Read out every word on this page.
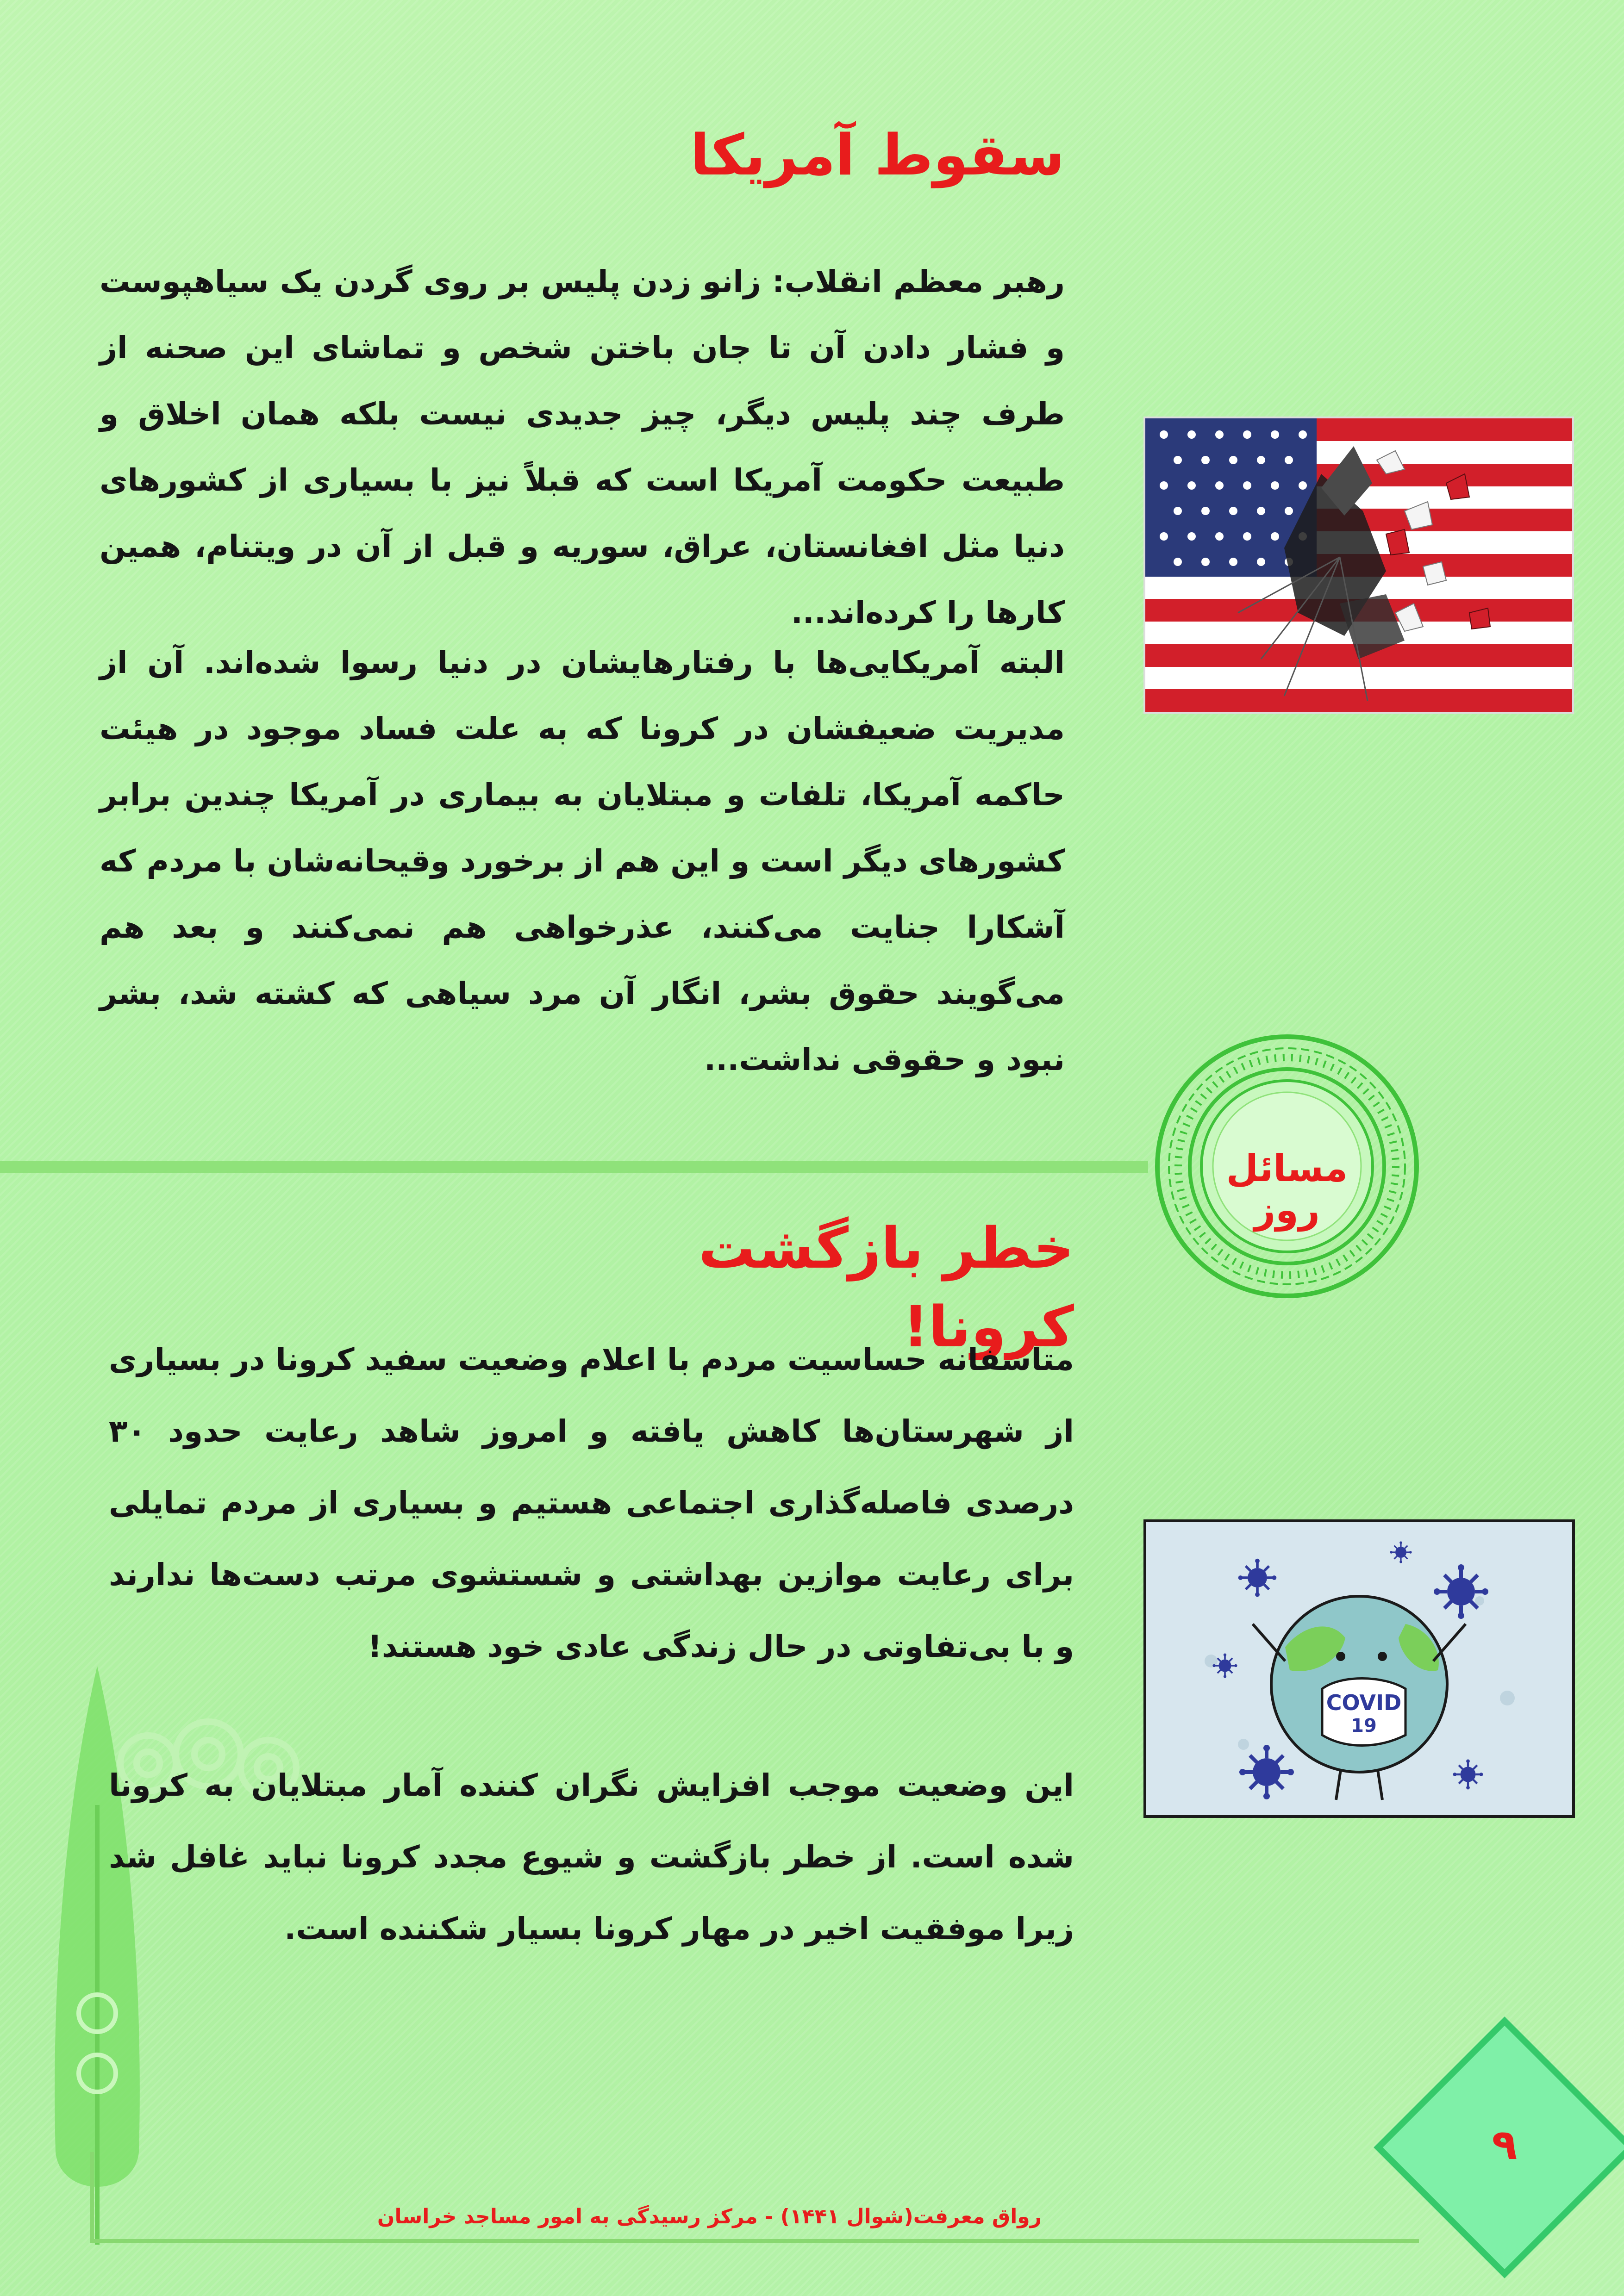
سقوط آمریکا

رهبر معظم انقلاب: زانو زدن پلیس بر روی گردن یک سیاهپوست و فشار دادن آن تا جان باختن شخص و تماشای این صحنه از طرف چند پلیس دیگر، چیز جدیدی نیست بلکه همان اخلاق و طبیعت حکومت آمریکا است که قبلاً نیز با بسیاری از کشورهای دنیا مثل افغانستان، عراق، سوریه و قبل از آن در ویتنام، همین کارها را کرده‌اند...

البته آمریکایی‌ها با رفتارهایشان در دنیا رسوا شده‌اند. آن از مدیریت ضعیفشان در کرونا که به علت فساد موجود در هیئت حاکمه آمریکا، تلفات و مبتلایان به بیماری در آمریکا چندین برابر کشورهای دیگر است و این هم از برخورد وقیحانه‌شان با مردم که آشکارا جنایت می‌کنند، عذرخواهی هم نمی‌کنند و بعد هم می‌گویند حقوق بشر، انگار آن مرد سیاهی که کشته شد، بشر نبود و حقوقی نداشت...

مسائل روز
خطر بازگشت کرونا!

متاسفانه حساسیت مردم با اعلام وضعیت سفید کرونا در بسیاری از شهرستان‌ها کاهش یافته و امروز شاهد رعایت حدود ۳۰ درصدی فاصله‌گذاری اجتماعی هستیم و بسیاری از مردم تمایلی برای رعایت موازین بهداشتی و شستشوی مرتب دست‌ها ندارند و با بی‌تفاوتی در حال زندگی عادی خود هستند!

این وضعیت موجب افزایش نگران کننده آمار مبتلایان به کرونا شده است. از خطر بازگشت و شیوع مجدد کرونا نباید غافل شد زیرا موفقیت اخیر در مهار کرونا بسیار شکننده است.

COVID
19
رواق معرفت(شوال ۱۴۴۱) - مرکز رسیدگی به امور مساجد خراسان
۹
